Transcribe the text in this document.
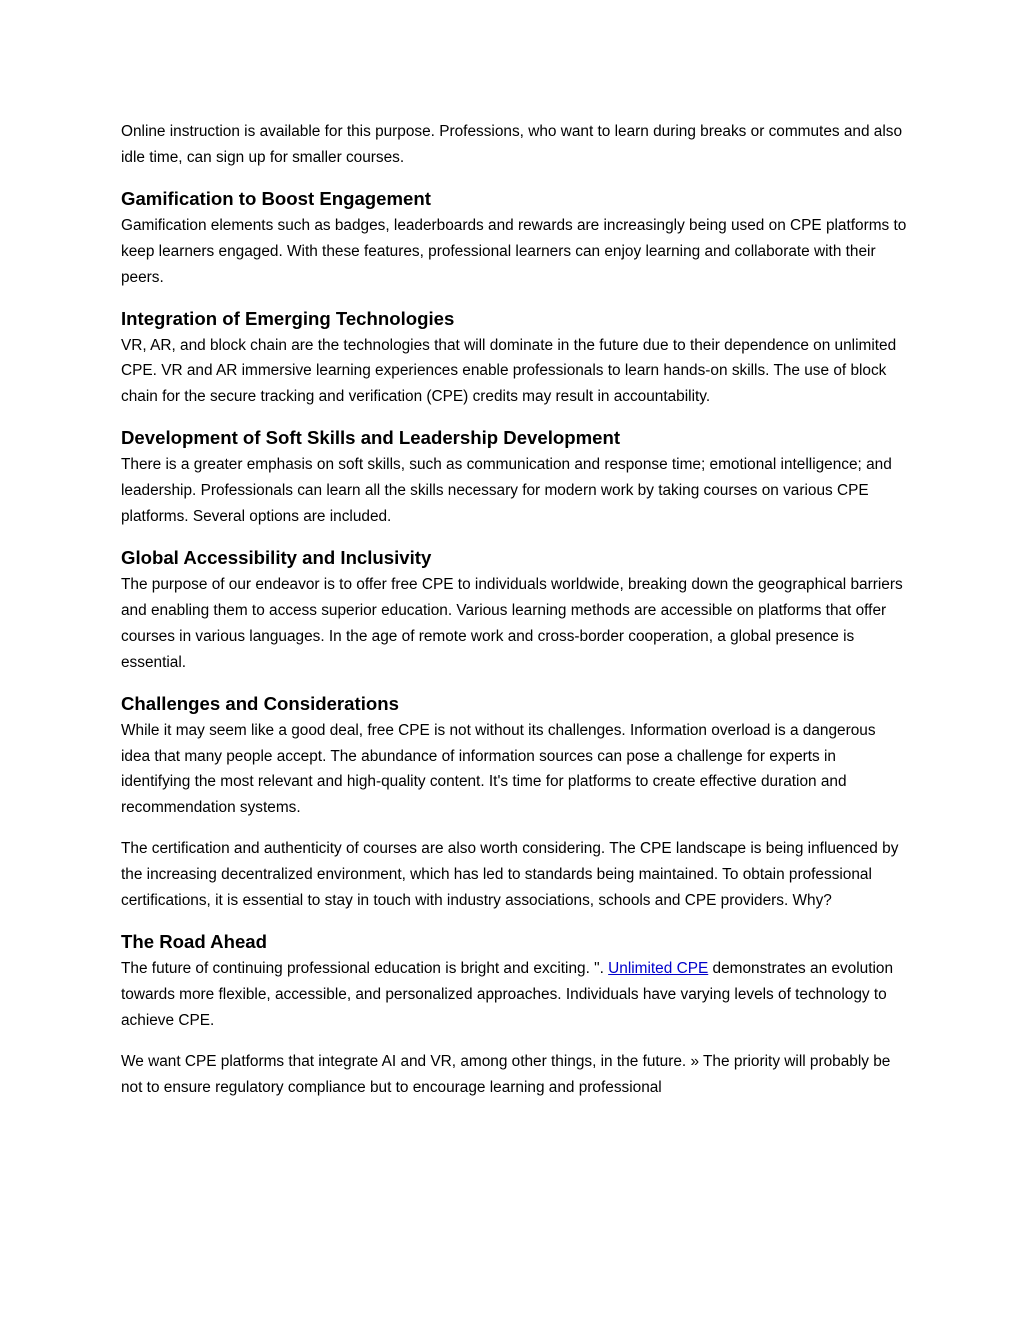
Online instruction is available for this purpose. Professions, who want to learn during breaks or commutes and also idle time, can sign up for smaller courses.

Gamification to Boost Engagement

Gamification elements such as badges, leaderboards and rewards are increasingly being used on CPE platforms to keep learners engaged. With these features, professional learners can enjoy learning and collaborate with their peers.

Integration of Emerging Technologies

VR, AR, and block chain are the technologies that will dominate in the future due to their dependence on unlimited CPE. VR and AR immersive learning experiences enable professionals to learn hands-on skills. The use of block chain for the secure tracking and verification (CPE) credits may result in accountability.

Development of Soft Skills and Leadership Development

There is a greater emphasis on soft skills, such as communication and response time; emotional intelligence; and leadership. Professionals can learn all the skills necessary for modern work by taking courses on various CPE platforms. Several options are included.

Global Accessibility and Inclusivity

The purpose of our endeavor is to offer free CPE to individuals worldwide, breaking down the geographical barriers and enabling them to access superior education. Various learning methods are accessible on platforms that offer courses in various languages. In the age of remote work and cross-border cooperation, a global presence is essential.

Challenges and Considerations

While it may seem like a good deal, free CPE is not without its challenges. Information overload is a dangerous idea that many people accept. The abundance of information sources can pose a challenge for experts in identifying the most relevant and high-quality content. It's time for platforms to create effective duration and recommendation systems.

The certification and authenticity of courses are also worth considering. The CPE landscape is being influenced by the increasing decentralized environment, which has led to standards being maintained. To obtain professional certifications, it is essential to stay in touch with industry associations, schools and CPE providers. Why?

The Road Ahead

The future of continuing professional education is bright and exciting. ". Unlimited CPE demonstrates an evolution towards more flexible, accessible, and personalized approaches. Individuals have varying levels of technology to achieve CPE.

We want CPE platforms that integrate AI and VR, among other things, in the future. » The priority will probably be not to ensure regulatory compliance but to encourage learning and professional
